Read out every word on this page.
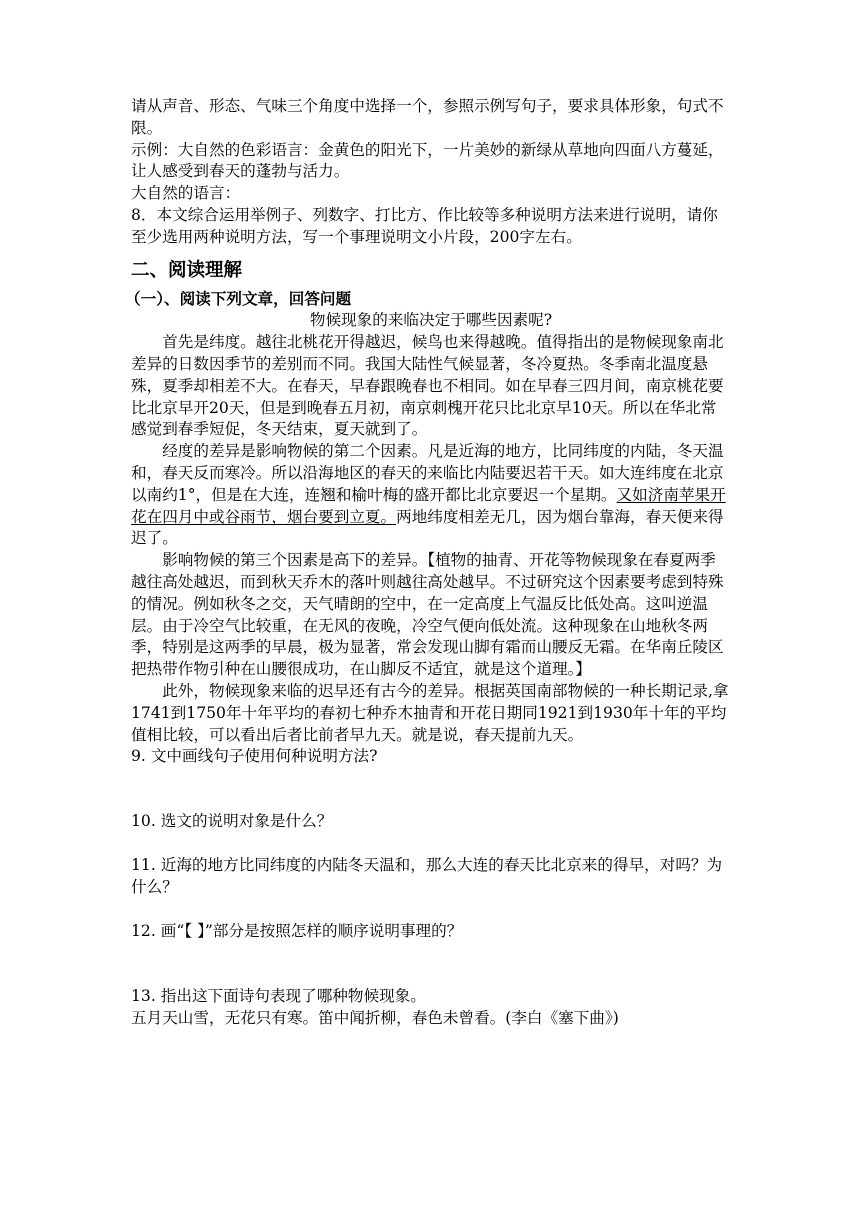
请从声音、形态、气味三个角度中选择一个，参照示例写句子，要求具体形象，句式不限。

示例：大自然的色彩语言：金黄色的阳光下，一片美妙的新绿从草地向四面八方蔓延，让人感受到春天的蓬勃与活力。

大自然的语言：

8．本文综合运用举例子、列数字、打比方、作比较等多种说明方法来进行说明，请你至少选用两种说明方法，写一个事理说明文小片段，200字左右。

二、阅读理解
（一）、阅读下列文章，回答问题

物候现象的来临决定于哪些因素呢?

首先是纬度。越往北桃花开得越迟，候鸟也来得越晚。值得指出的是物候现象南北差异的日数因季节的差别而不同。我国大陆性气候显著，冬冷夏热。冬季南北温度悬殊，夏季却相差不大。在春天，早春跟晚春也不相同。如在早春三四月间，南京桃花要比北京早开20天，但是到晚春五月初，南京刺槐开花只比北京早10天。所以在华北常感觉到春季短促，冬天结束，夏天就到了。

经度的差异是影响物候的第二个因素。凡是近海的地方，比同纬度的内陆，冬天温和，春天反而寒冷。所以沿海地区的春天的来临比内陆要迟若干天。如大连纬度在北京以南约1°，但是在大连，连翘和榆叶梅的盛开都比北京要迟一个星期。又如济南苹果开花在四月中或谷雨节，烟台要到立夏。两地纬度相差无几，因为烟台靠海，春天便来得迟了。

影响物候的第三个因素是高下的差异。【植物的抽青、开花等物候现象在春夏两季越往高处越迟，而到秋天乔木的落叶则越往高处越早。不过研究这个因素要考虑到特殊的情况。例如秋冬之交，天气晴朗的空中，在一定高度上气温反比低处高。这叫逆温层。由于冷空气比较重，在无风的夜晚，冷空气便向低处流。这种现象在山地秋冬两季，特别是这两季的早晨，极为显著，常会发现山脚有霜而山腰反无霜。在华南丘陵区把热带作物引种在山腰很成功，在山脚反不适宜，就是这个道理。】

此外，物候现象来临的迟早还有古今的差异。根据英国南部物候的一种长期记录,拿1741到1750年十年平均的春初七种乔木抽青和开花日期同1921到1930年十年的平均值相比较，可以看出后者比前者早九天。就是说，春天提前九天。

9. 文中画线句子使用何种说明方法?

10. 选文的说明对象是什么？

11. 近海的地方比同纬度的内陆冬天温和，那么大连的春天比北京来的得早，对吗？为什么？

12. 画“【 】”部分是按照怎样的顺序说明事理的？

13. 指出这下面诗句表现了哪种物候现象。

五月天山雪，无花只有寒。笛中闻折柳，春色未曾看。(李白《塞下曲》)
